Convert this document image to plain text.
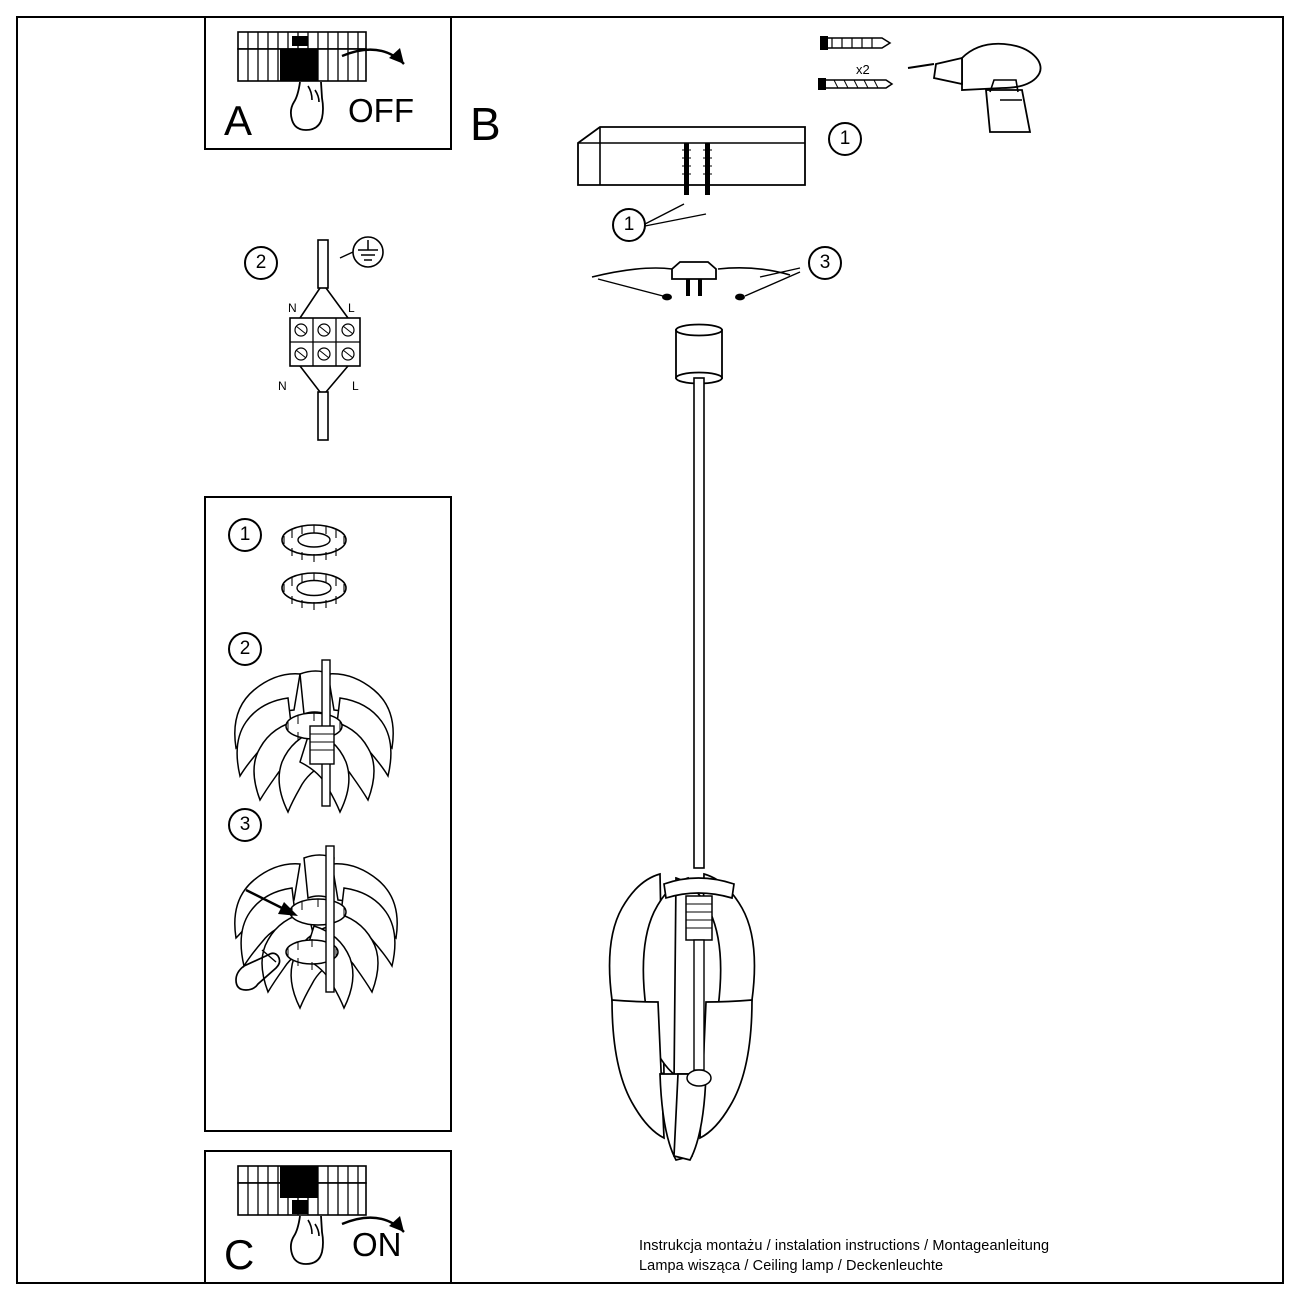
A	OFF B
N	L
N	L
1
x2
1
3
2
1
2
3
C	ON	Instrukcja montażu / instalation instructions / Montageanleitung
Lampa wisząca / Ceiling lamp / Deckenleuchte
